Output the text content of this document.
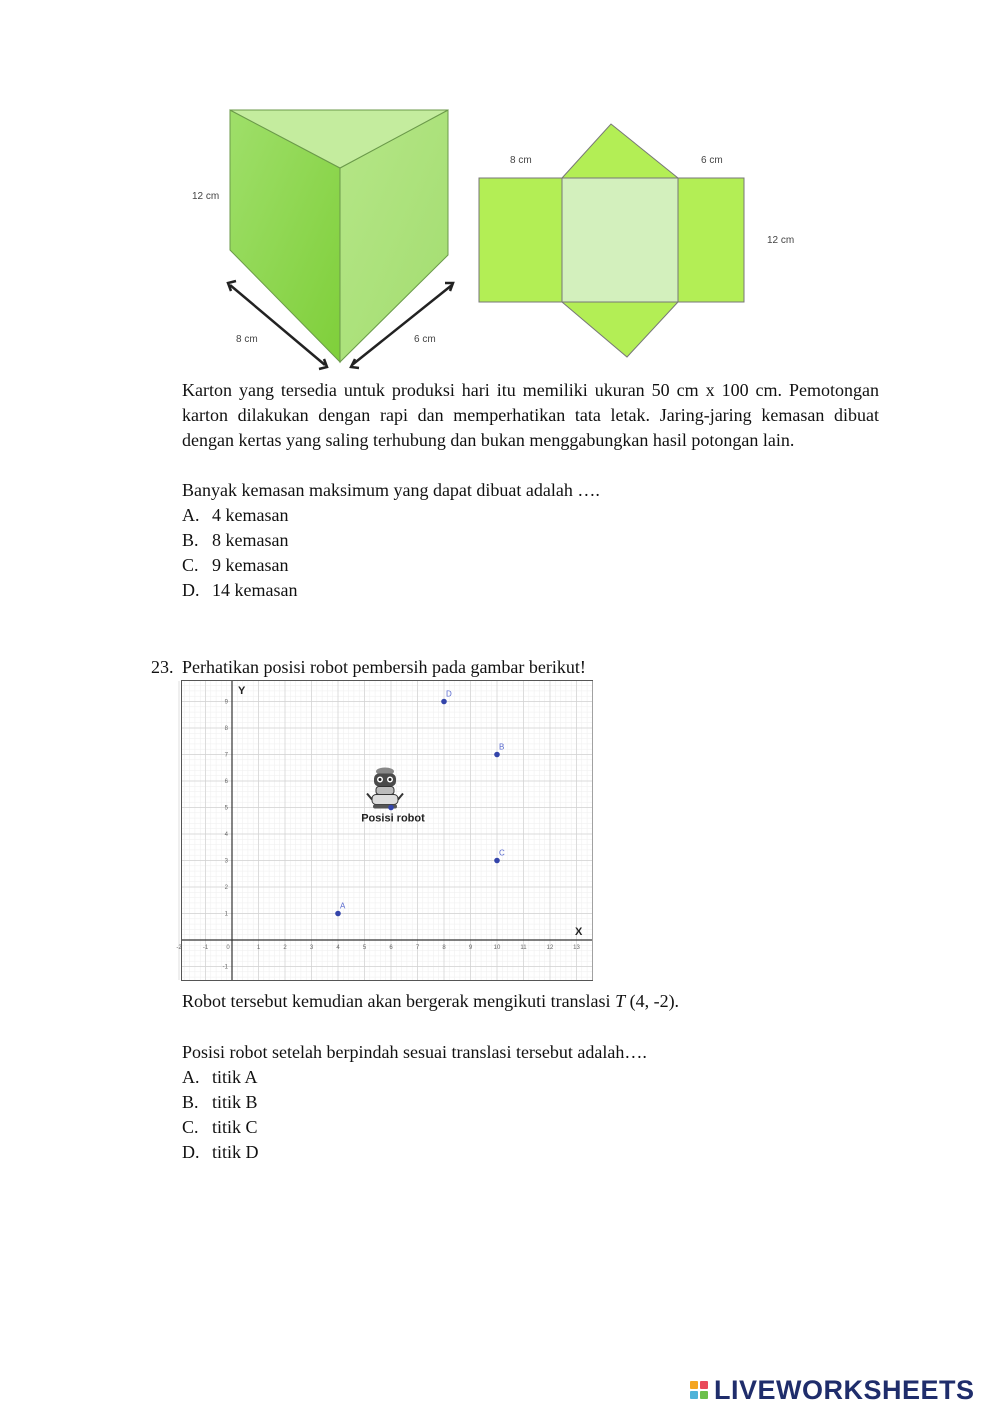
12 cm
8 cm	6 cm
8 cm	6 cm
12 cm

Karton yang tersedia untuk produksi hari itu memiliki ukuran 50 cm x 100 cm. Pemotongan karton dilakukan dengan rapi dan memperhatikan tata letak. Jaring-jaring kemasan dibuat dengan kertas yang saling terhubung dan bukan menggabungkan hasil potongan lain.

Banyak kemasan maksimum yang dapat dibuat adalah ….
A. 4 kemasan
B. 8 kemasan
C. 9 kemasan
D. 14 kemasan
23. Perhatikan posisi robot pembersih pada gambar berikut!
-2	-1	0	1	2	3	4	5	6	7	8	9	10	11	12	13
-1
1
2
3
4
5
6
7
8
9
A
B
C
D
Posisi robot
X
Y
Robot tersebut kemudian akan bergerak mengikuti translasi T (4, -2).
Posisi robot setelah berpindah sesuai translasi tersebut adalah….
A. titik A
B. titik B
C. titik C
D. titik D
LIVEWORKSHEETS
